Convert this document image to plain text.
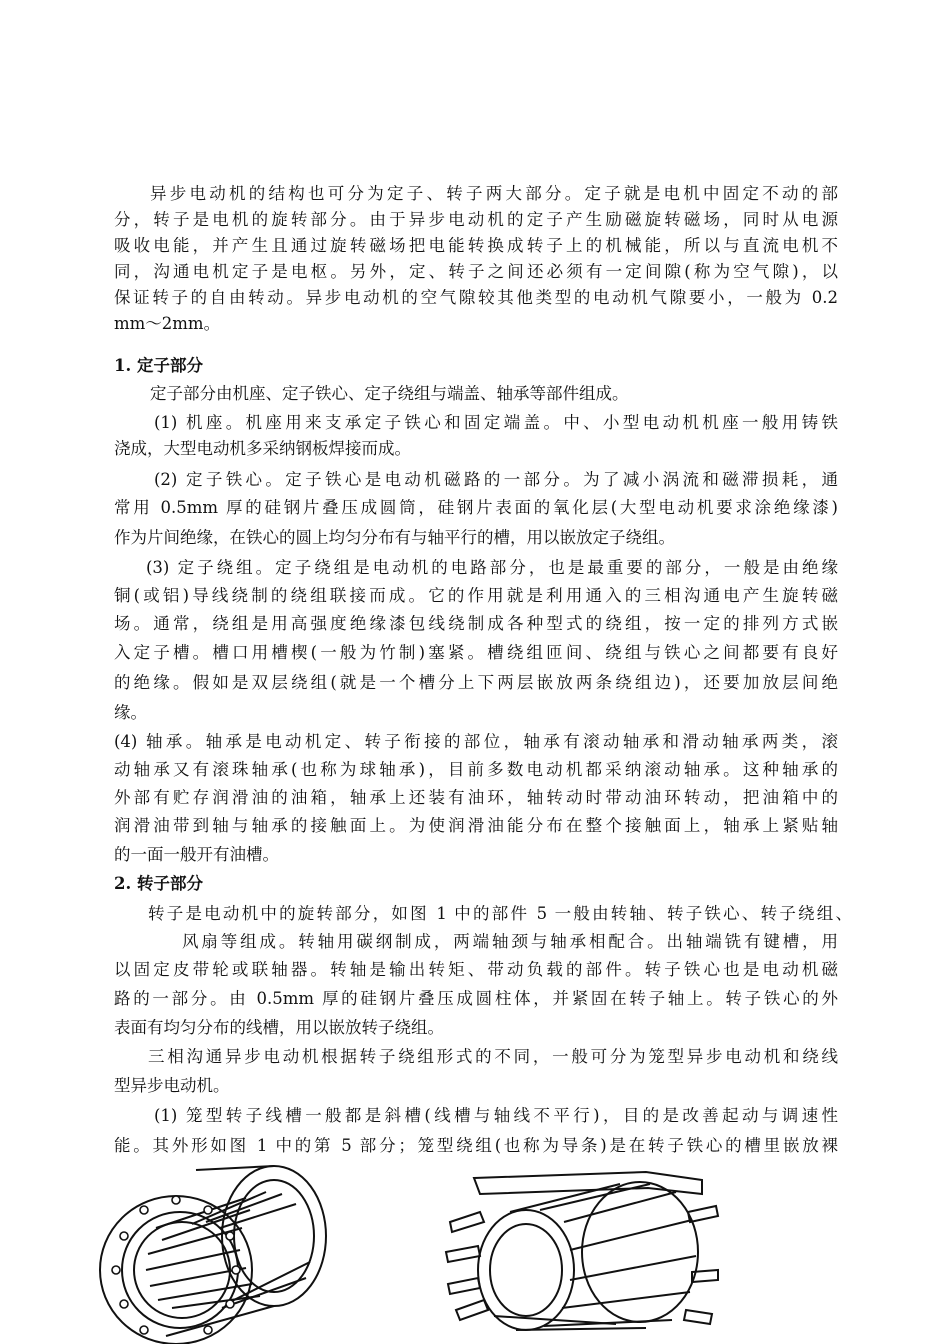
异步电动机的结构也可分为定子、转子两大部分。定子就是电机中固定不动的部
分，转子是电机的旋转部分。由于异步电动机的定子产生励磁旋转磁场，同时从电源
吸收电能，并产生且通过旋转磁场把电能转换成转子上的机械能，所以与直流电机不
同，沟通电机定子是电枢。另外，定、转子之间还必须有一定间隙(称为空气隙)，以
保证转子的自由转动。异步电动机的空气隙较其他类型的电动机气隙要小，一般为 0.2
mm～2mm。
1. 定子部分
定子部分由机座、定子铁心、定子绕组与端盖、轴承等部件组成。
(1) 机座。机座用来支承定子铁心和固定端盖。中、小型电动机机座一般用铸铁
浇成，大型电动机多采纳钢板焊接而成。
(2) 定子铁心。定子铁心是电动机磁路的一部分。为了减小涡流和磁滞损耗，通
常用 0.5mm 厚的硅钢片叠压成圆筒，硅钢片表面的氧化层(大型电动机要求涂绝缘漆)
作为片间绝缘，在铁心的圆上均匀分布有与轴平行的槽，用以嵌放定子绕组。
(3) 定子绕组。定子绕组是电动机的电路部分，也是最重要的部分，一般是由绝缘
铜(或铝)导线绕制的绕组联接而成。它的作用就是利用通入的三相沟通电产生旋转磁
场。通常，绕组是用高强度绝缘漆包线绕制成各种型式的绕组，按一定的排列方式嵌
入定子槽。槽口用槽楔(一般为竹制)塞紧。槽绕组匝间、绕组与铁心之间都要有良好
的绝缘。假如是双层绕组(就是一个槽分上下两层嵌放两条绕组边)，还要加放层间绝
缘。
(4) 轴承。轴承是电动机定、转子衔接的部位，轴承有滚动轴承和滑动轴承两类，滚
动轴承又有滚珠轴承(也称为球轴承)，目前多数电动机都采纳滚动轴承。这种轴承的
外部有贮存润滑油的油箱，轴承上还装有油环，轴转动时带动油环转动，把油箱中的
润滑油带到轴与轴承的接触面上。为使润滑油能分布在整个接触面上，轴承上紧贴轴
的一面一般开有油槽。
2. 转子部分
转子是电动机中的旋转部分，如图 1 中的部件 5 一般由转轴、转子铁心、转子绕组、
风扇等组成。转轴用碳纲制成，两端轴颈与轴承相配合。出轴端铣有键槽，用
以固定皮带轮或联轴器。转轴是输出转矩、带动负载的部件。转子铁心也是电动机磁
路的一部分。由 0.5mm 厚的硅钢片叠压成圆柱体，并紧固在转子轴上。转子铁心的外
表面有均匀分布的线槽，用以嵌放转子绕组。
三相沟通异步电动机根据转子绕组形式的不同，一般可分为笼型异步电动机和绕线
型异步电动机。
(1) 笼型转子线槽一般都是斜槽(线槽与轴线不平行)，目的是改善起动与调速性
能。其外形如图 1 中的第 5 部分；笼型绕组(也称为导条)是在转子铁心的槽里嵌放裸
